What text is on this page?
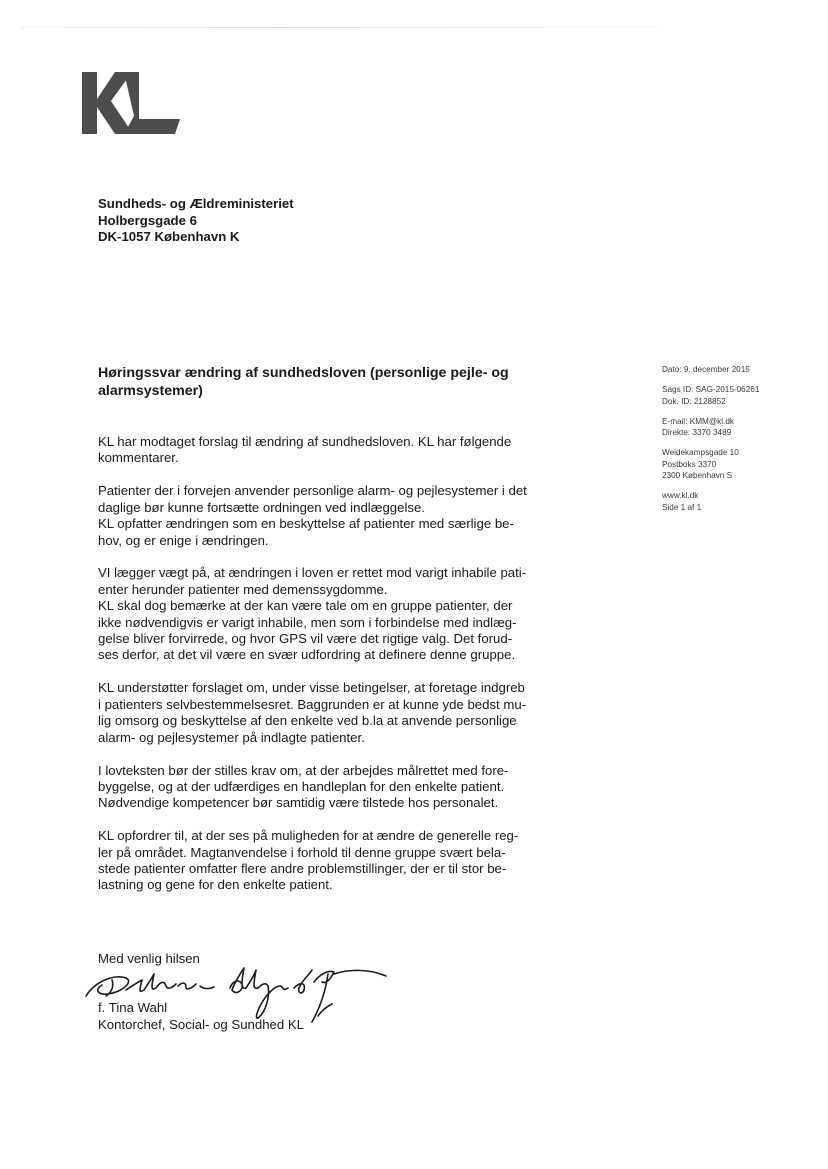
Sundheds- og Ældreministeriet
Holbergsgade 6
DK-1057 København K
Høringssvar ændring af sundhedsloven (personlige pejle- og alarmsystemer)
Dato: 9. december 2015
Sags ID: SAG-2015-06261
Dok. ID: 2128852
E-mail: KMM@kl.dk
Direkte: 3370 3489
Weidekampsgade 10
Postboks 3370
2300 København S
www.kl.dk
Side 1 af 1

KL har modtaget forslag til ændring af sundhedsloven. KL har følgende
kommentarer.

Patienter der i forvejen anvender personlige alarm- og pejlesystemer i det
daglige bør kunne fortsætte ordningen ved indlæggelse.
KL opfatter ændringen som en beskyttelse af patienter med særlige be-
hov, og er enige i ændringen.

VI lægger vægt på, at ændringen i loven er rettet mod varigt inhabile pati-
enter herunder patienter med demenssygdomme.
KL skal dog bemærke at der kan være tale om en gruppe patienter, der
ikke nødvendigvis er varigt inhabile, men som i forbindelse med indlæg-
gelse bliver forvirrede, og hvor GPS vil være det rigtige valg. Det forud-
ses derfor, at det vil være en svær udfordring at definere denne gruppe.

KL understøtter forslaget om, under visse betingelser, at foretage indgreb
i patienters selvbestemmelsesret. Baggrunden er at kunne yde bedst mu-
lig omsorg og beskyttelse af den enkelte ved b.la at anvende personlige
alarm- og pejlesystemer på indlagte patienter.

I lovteksten bør der stilles krav om, at der arbejdes målrettet med fore-
byggelse, og at der udfærdiges en handleplan for den enkelte patient.
Nødvendige kompetencer bør samtidig være tilstede hos personalet.

KL opfordrer til, at der ses på muligheden for at ændre de generelle reg-
ler på området. Magtanvendelse i forhold til denne gruppe svært bela-
stede patienter omfatter flere andre problemstillinger, der er til stor be-
lastning og gene for den enkelte patient.

Med venlig hilsen
f. Tina Wahl
Kontorchef, Social- og Sundhed KL
